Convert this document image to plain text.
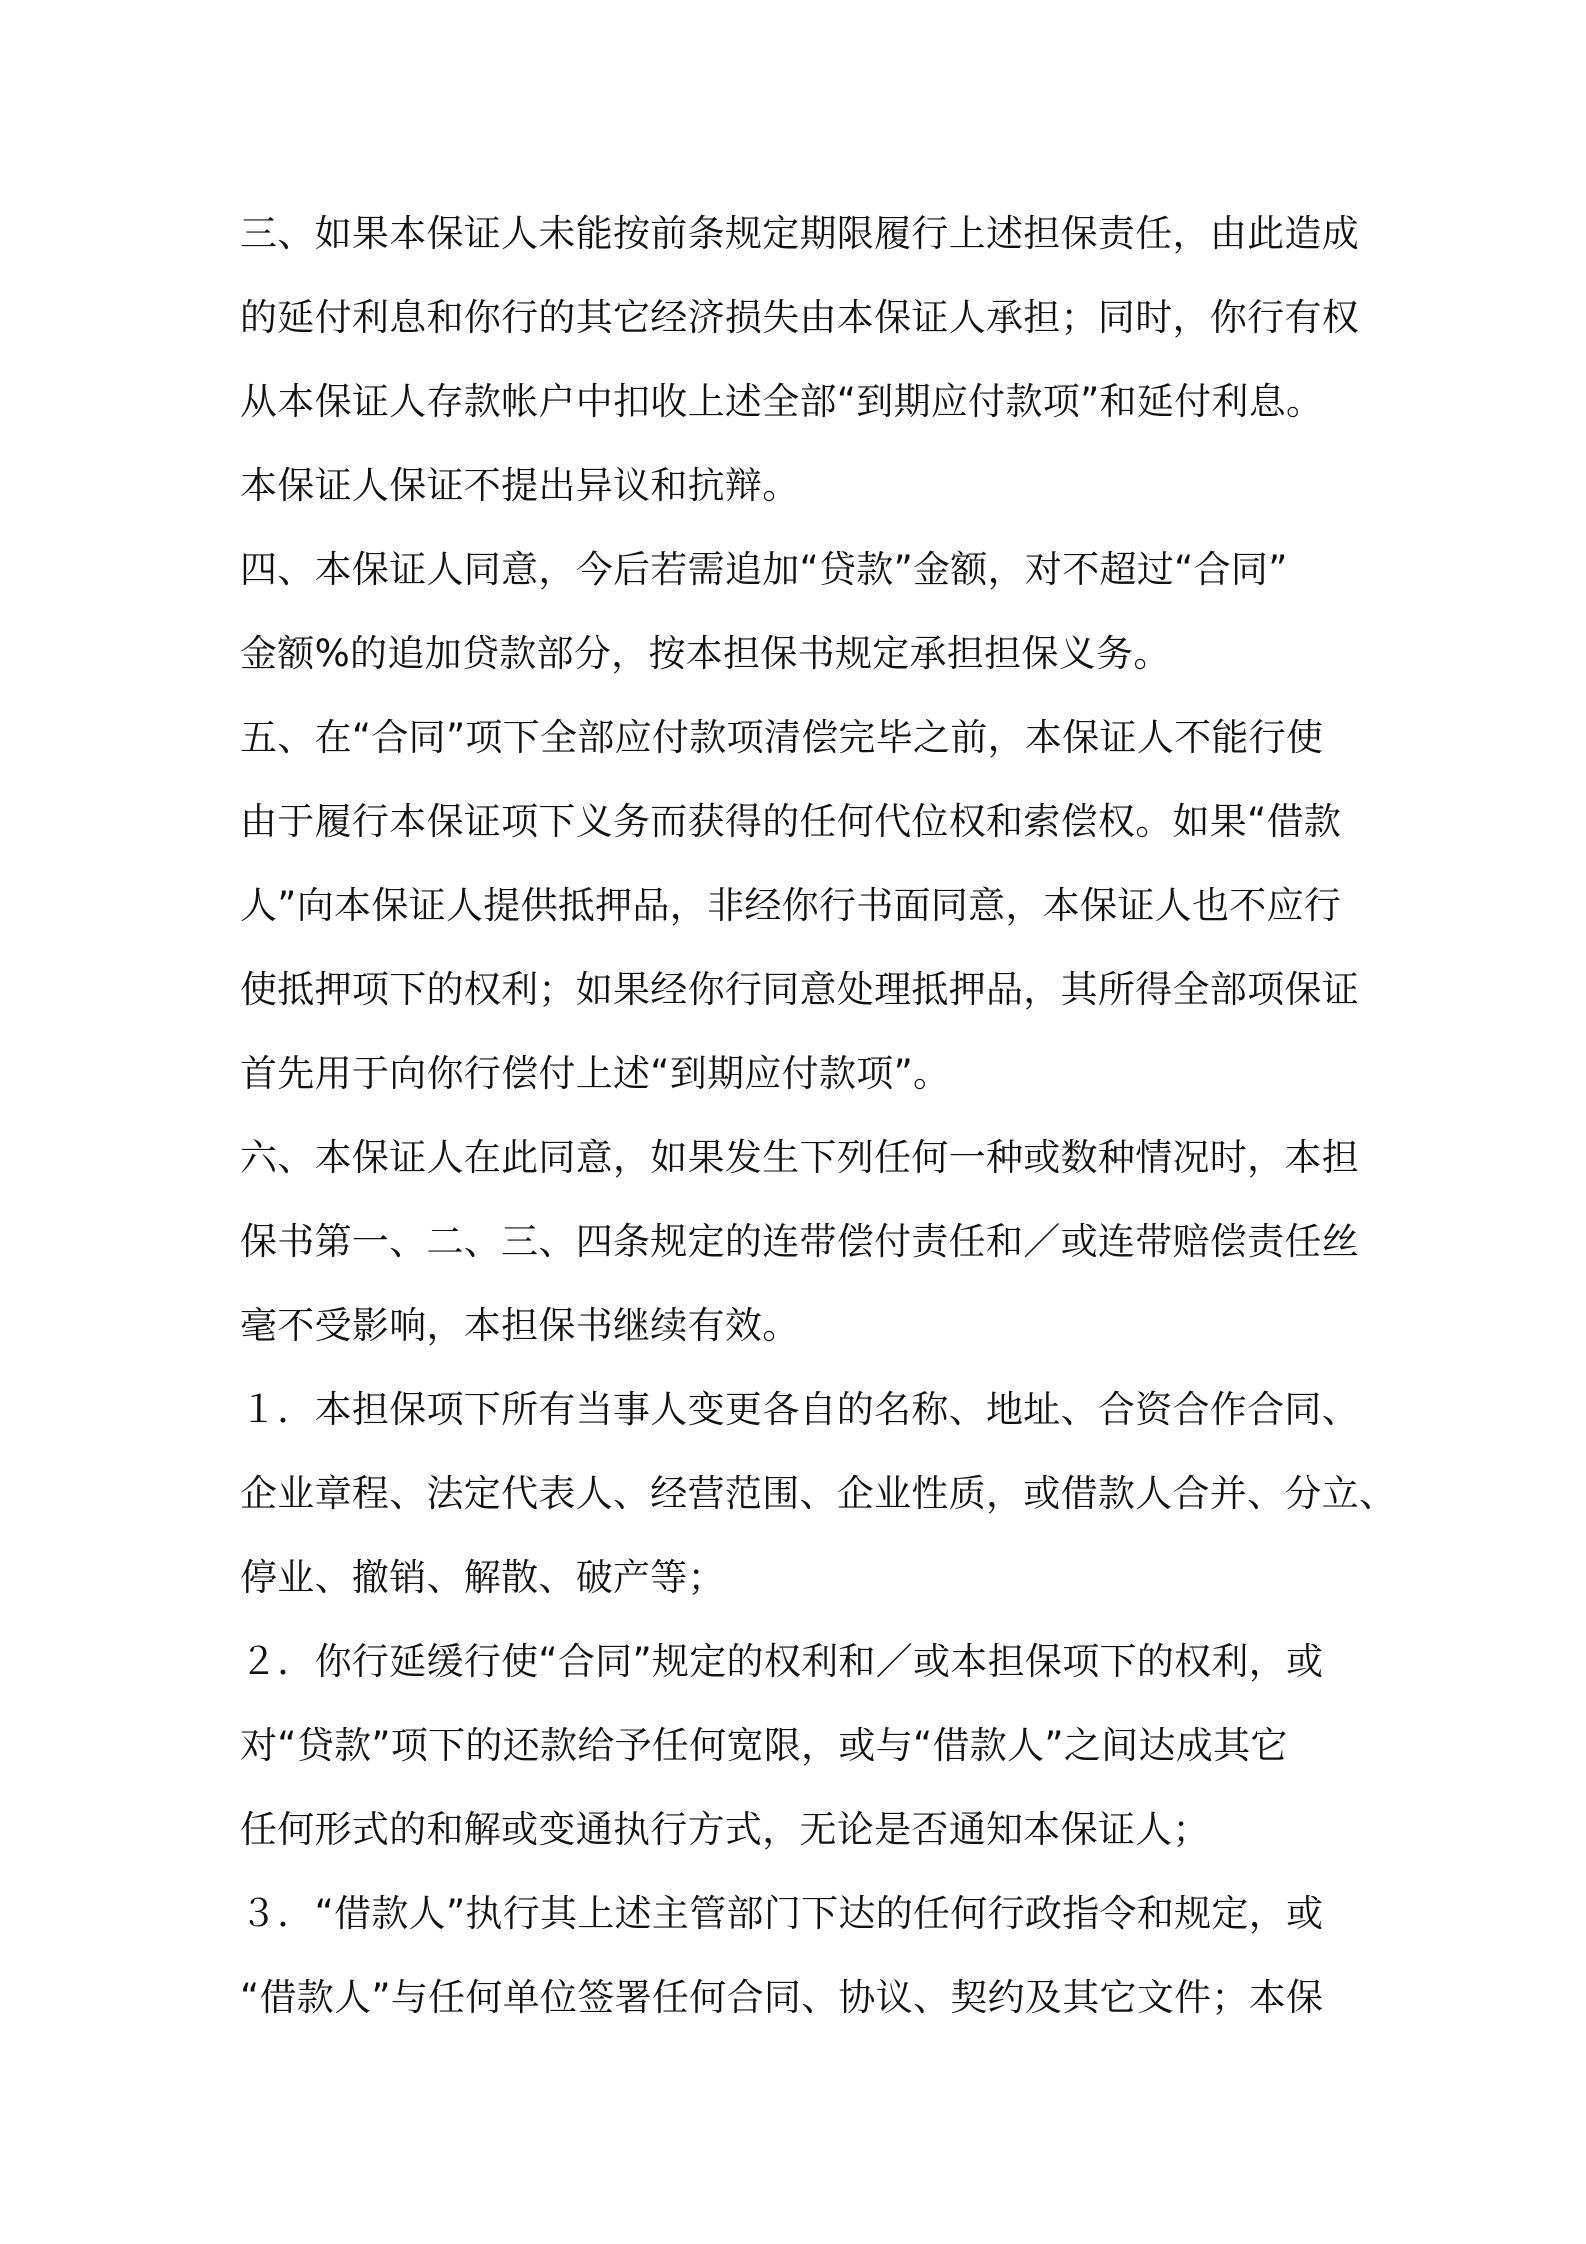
三、如果本保证人未能按前条规定期限履行上述担保责任，由此造成
的延付利息和你行的其它经济损失由本保证人承担；同时，你行有权
从本保证人存款帐户中扣收上述全部“到期应付款项”和延付利息。
本保证人保证不提出异议和抗辩。
四、本保证人同意，今后若需追加“贷款”金额，对不超过“合同”
金额%的追加贷款部分，按本担保书规定承担担保义务。
五、在“合同”项下全部应付款项清偿完毕之前，本保证人不能行使
由于履行本保证项下义务而获得的任何代位权和索偿权。如果“借款
人”向本保证人提供抵押品，非经你行书面同意，本保证人也不应行
使抵押项下的权利；如果经你行同意处理抵押品，其所得全部项保证
首先用于向你行偿付上述“到期应付款项”。
六、本保证人在此同意，如果发生下列任何一种或数种情况时，本担
保书第一、二、三、四条规定的连带偿付责任和／或连带赔偿责任丝
毫不受影响，本担保书继续有效。
１．本担保项下所有当事人变更各自的名称、地址、合资合作合同、
企业章程、法定代表人、经营范围、企业性质，或借款人合并、分立、
停业、撤销、解散、破产等；
２．你行延缓行使“合同”规定的权利和／或本担保项下的权利，或
对“贷款”项下的还款给予任何宽限，或与“借款人”之间达成其它
任何形式的和解或变通执行方式，无论是否通知本保证人；
３．“借款人”执行其上述主管部门下达的任何行政指令和规定，或
“借款人”与任何单位签署任何合同、协议、契约及其它文件；本保
